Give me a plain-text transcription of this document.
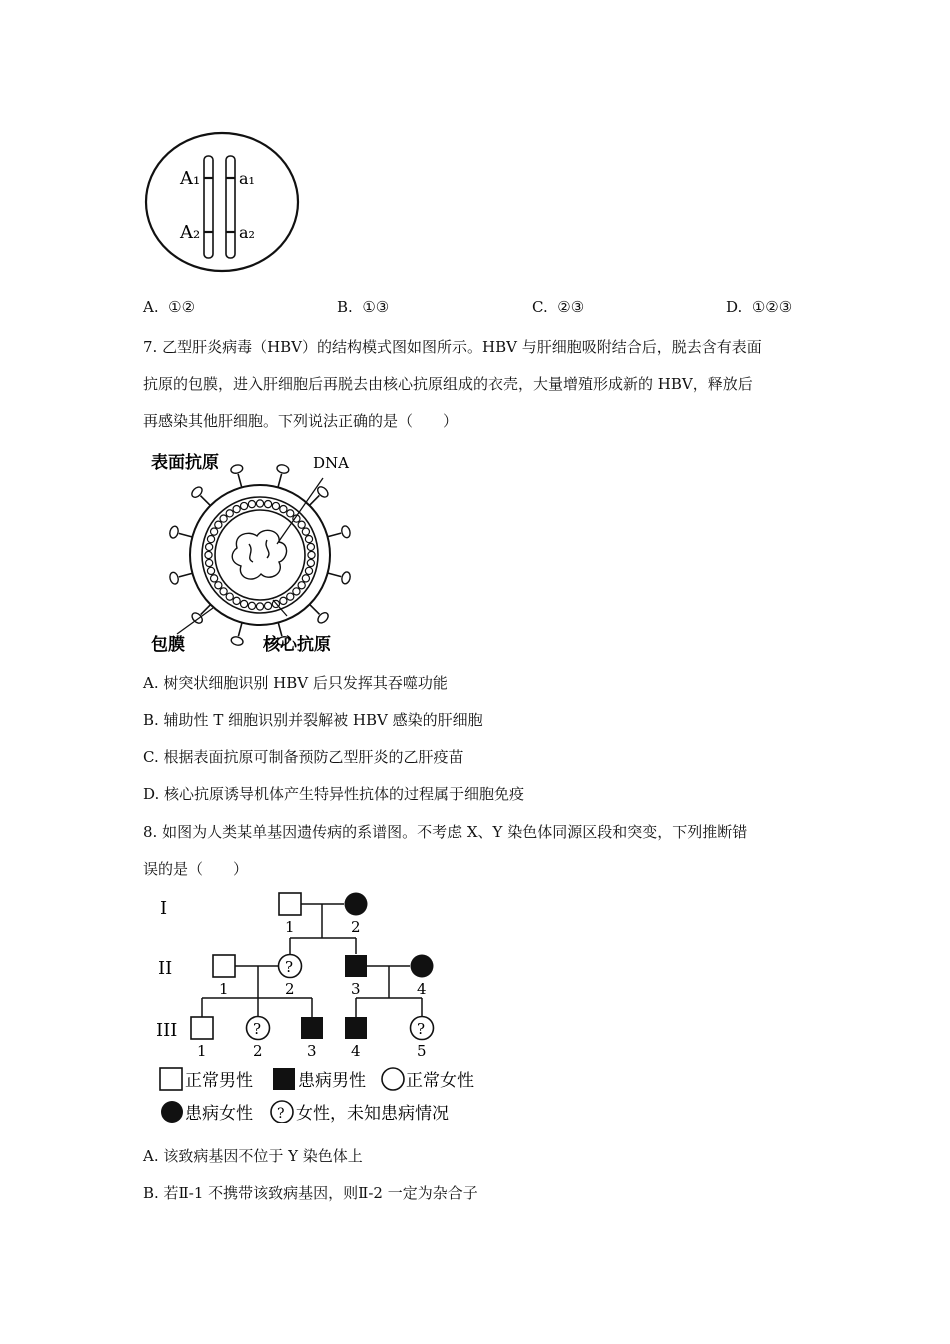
A₁
A₂
a₁
a₂
A. ①②	B. ①③	C. ②③	D. ①②③
7. 乙型肝炎病毒（HBV）的结构模式图如图所示。HBV 与肝细胞吸附结合后，脱去含有表面
抗原的包膜，进入肝细胞后再脱去由核心抗原组成的衣壳，大量增殖形成新的 HBV，释放后
再感染其他肝细胞。下列说法正确的是（　　）
表面抗原	DNA
包膜	核心抗原
A. 树突状细胞识别 HBV 后只发挥其吞噬功能
B. 辅助性 T 细胞识别并裂解被 HBV 感染的肝细胞
C. 根据表面抗原可制备预防乙型肝炎的乙肝疫苗
D. 核心抗原诱导机体产生特异性抗体的过程属于细胞免疫
8. 如图为人类某单基因遗传病的系谱图。不考虑 X、Y 染色体同源区段和突变，下列推断错
误的是（　　）
I
II
III
1	2
?
1	2	3	4
?	?
1	2	3 4	5
正常男性	患病男性 正常女性
患病女性 ? 女性，未知患病情况
A. 该致病基因不位于 Y 染色体上
B. 若Ⅱ-1 不携带该致病基因，则Ⅱ-2 一定为杂合子
